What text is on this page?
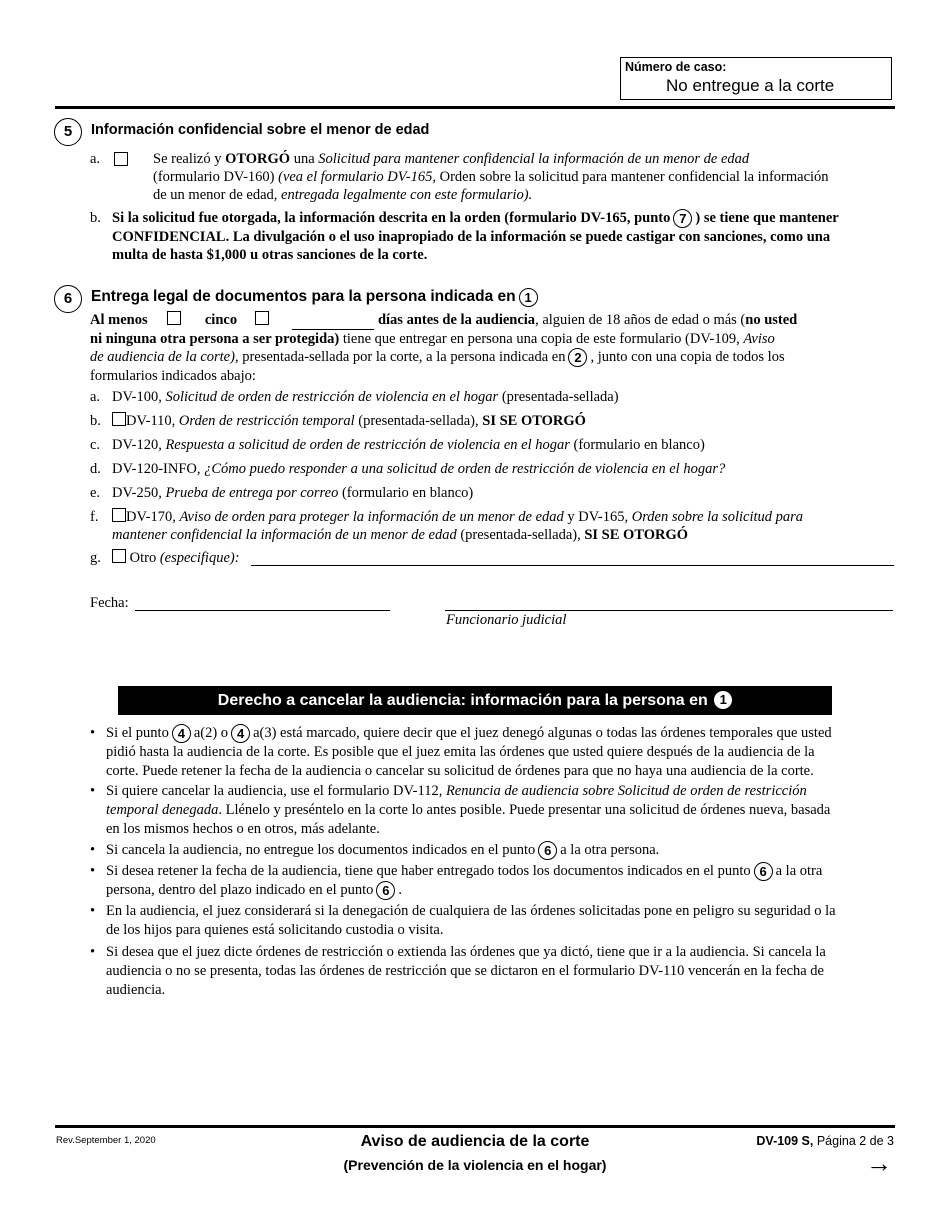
Número de caso:
No entregue a la corte
5	Información confidencial sobre el menor de edad
a.	Se realizó y OTORGÓ una Solicitud para mantener confidencial la información de un menor de edad
(formulario DV-160) (vea el formulario DV-165, Orden sobre la solicitud para mantener confidencial la información
de un menor de edad, entregada legalmente con este formulario).
b. Si la solicitud fue otorgada, la información descrita en la orden (formulario DV-165, punto 7 ) se tiene que mantener
CONFIDENCIAL. La divulgación o el uso inapropiado de la información se puede castigar con sanciones, como una
multa de hasta $1,000 u otras sanciones de la corte.
6	Entrega legal de documentos para la persona indicada en 1
Al menos	cinco	días antes de la audiencia, alguien de 18 años de edad o más (no usted
ni ninguna otra persona a ser protegida) tiene que entregar en persona una copia de este formulario (DV-109, Aviso
de audiencia de la corte), presentada-sellada por la corte, a la persona indicada en 2 , junto con una copia de todos los
formularios indicados abajo:
a. DV-100, Solicitud de orden de restricción de violencia en el hogar (presentada-sellada)
b. DV-110, Orden de restricción temporal (presentada-sellada), SI SE OTORGÓ
c. DV-120, Respuesta a solicitud de orden de restricción de violencia en el hogar (formulario en blanco)
d. DV-120-INFO, ¿Cómo puedo responder a una solicitud de orden de restricción de violencia en el hogar?
e. DV-250, Prueba de entrega por correo (formulario en blanco)
f. DV-170, Aviso de orden para proteger la información de un menor de edad y DV-165, Orden sobre la solicitud para
mantener confidencial la información de un menor de edad (presentada-sellada), SI SE OTORGÓ
g. Otro (especifique):
Fecha:
Funcionario judicial
Derecho a cancelar la audiencia: información para la persona en 1
• Si el punto 4 a(2) o 4 a(3) está marcado, quiere decir que el juez denegó algunas o todas las órdenes temporales que usted
pidió hasta la audiencia de la corte. Es posible que el juez emita las órdenes que usted quiere después de la audiencia de la
corte. Puede retener la fecha de la audiencia o cancelar su solicitud de órdenes para que no haya una audiencia de la corte.
• Si quiere cancelar la audiencia, use el formulario DV-112, Renuncia de audiencia sobre Solicitud de orden de restricción
temporal denegada. Llénelo y preséntelo en la corte lo antes posible. Puede presentar una solicitud de órdenes nueva, basada
en los mismos hechos o en otros, más adelante.
• Si cancela la audiencia, no entregue los documentos indicados en el punto 6 a la otra persona.
• Si desea retener la fecha de la audiencia, tiene que haber entregado todos los documentos indicados en el punto 6 a la otra
persona, dentro del plazo indicado en el punto 6 .
• En la audiencia, el juez considerará si la denegación de cualquiera de las órdenes solicitadas pone en peligro su seguridad o la
de los hijos para quienes está solicitando custodia o visita.
• Si desea que el juez dicte órdenes de restricción o extienda las órdenes que ya dictó, tiene que ir a la audiencia. Si cancela la
audiencia o no se presenta, todas las órdenes de restricción que se dictaron en el formulario DV-110 vencerán en la fecha de
audiencia.
Rev.September 1, 2020	Aviso de audiencia de la corte
(Prevención de la violencia en el hogar)
DV-109 S, Página 2 de 3
→
